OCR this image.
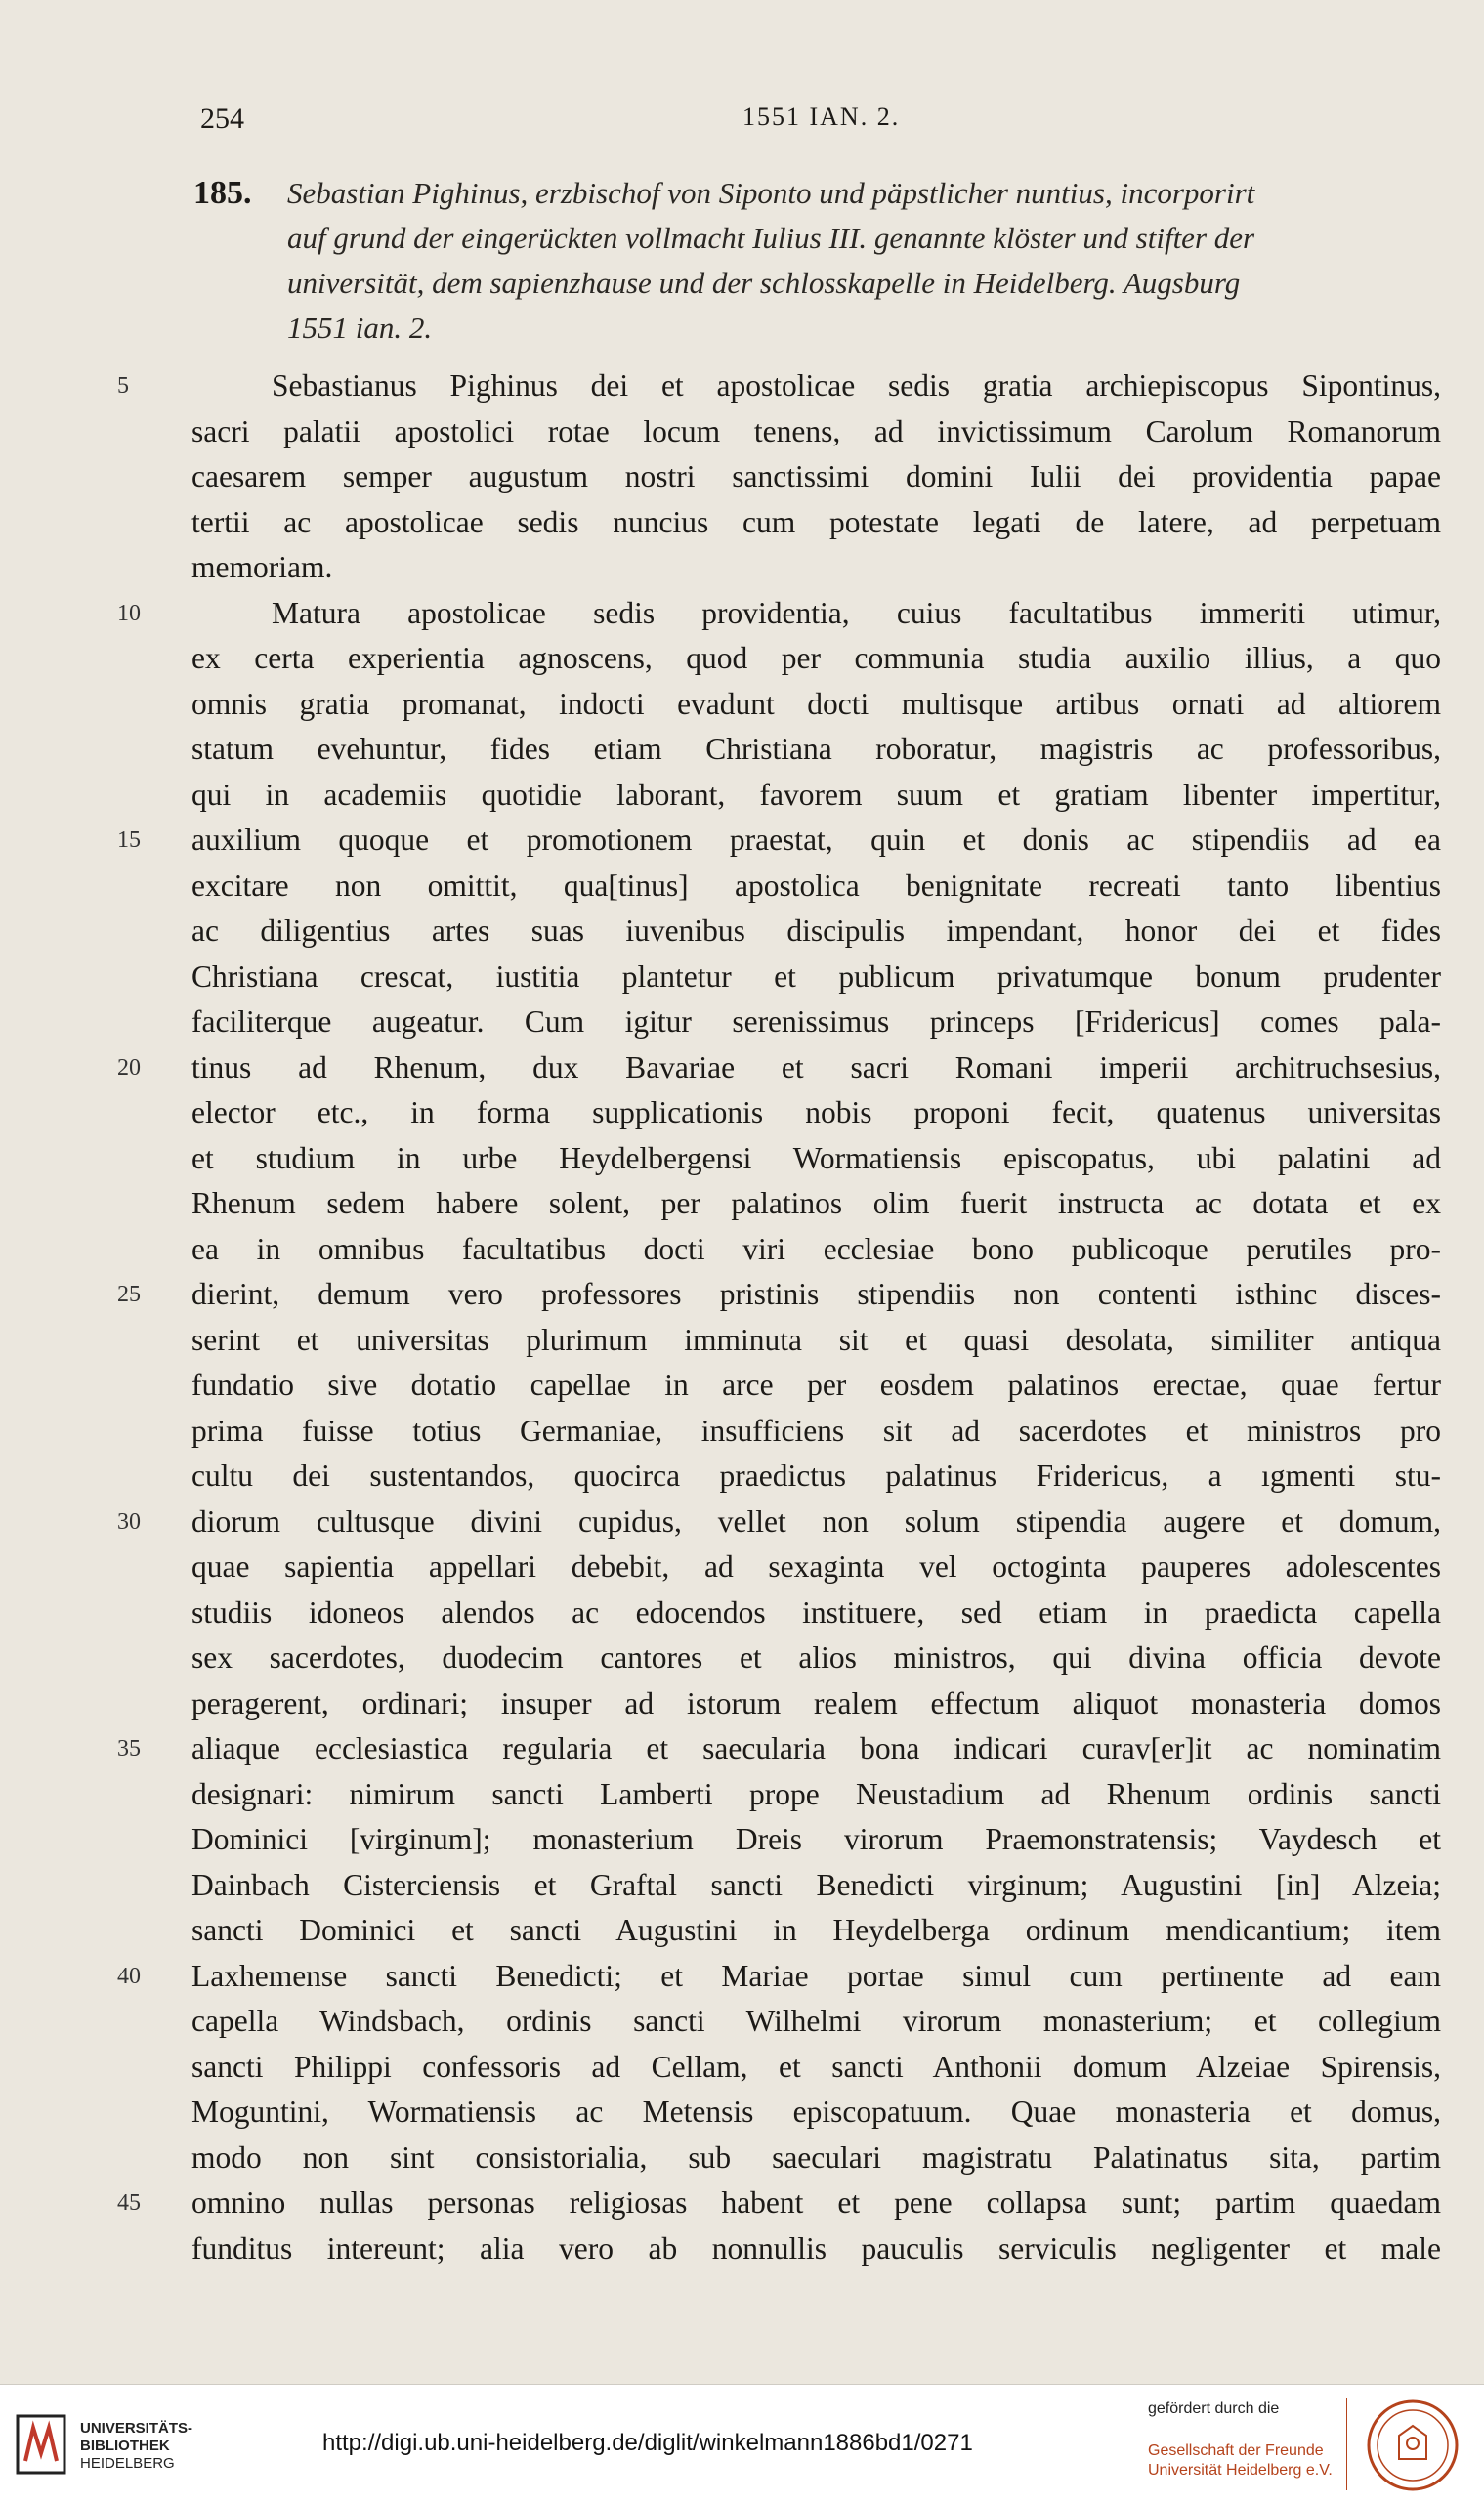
254	1551 IAN. 2.
185. Sebastian Pighinus, erzbischof von Siponto und päpstlicher nuntius, incorporirt
auf grund der eingerückten vollmacht Iulius III. genannte klöster und stifter der
universität, dem sapienzhause und der schlosskapelle in Heidelberg. Augsburg
1551 ian. 2.
5	Sebastianus Pighinus dei et apostolicae sedis gratia archiepiscopus Sipontinus,
sacri palatii apostolici rotae locum tenens, ad invictissimum Carolum Romanorum
caesarem semper augustum nostri sanctissimi domini Iulii dei providentia papae
tertii ac apostolicae sedis nuncius cum potestate legati de latere, ad perpetuam
memoriam.
10	Matura apostolicae sedis providentia, cuius facultatibus immeriti utimur,
ex certa experientia agnoscens, quod per communia studia auxilio illius, a quo
omnis gratia promanat, indocti evadunt docti multisque artibus ornati ad altiorem
statum evehuntur, fides etiam Christiana roboratur, magistris ac professoribus,
qui in academiis quotidie laborant, favorem suum et gratiam libenter impertitur,
15	auxilium quoque et promotionem praestat, quin et donis ac stipendiis ad ea
excitare non omittit, qua[tinus] apostolica benignitate recreati tanto libentius
ac diligentius artes suas iuvenibus discipulis impendant, honor dei et fides
Christiana crescat, iustitia plantetur et publicum privatumque bonum prudenter
faciliterque augeatur. Cum igitur serenissimus princeps [Fridericus] comes pala-
20	tinus ad Rhenum, dux Bavariae et sacri Romani imperii architruchsesius,
elector etc., in forma supplicationis nobis proponi fecit, quatenus universitas
et studium in urbe Heydelbergensi Wormatiensis episcopatus, ubi palatini ad
Rhenum sedem habere solent, per palatinos olim fuerit instructa ac dotata et ex
ea in omnibus facultatibus docti viri ecclesiae bono publicoque perutiles pro-
25	dierint, demum vero professores pristinis stipendiis non contenti isthinc disces-
serint et universitas plurimum imminuta sit et quasi desolata, similiter antiqua
fundatio sive dotatio capellae in arce per eosdem palatinos erectae, quae fertur
prima fuisse totius Germaniae, insufficiens sit ad sacerdotes et ministros pro
cultu dei sustentandos, quocirca praedictus palatinus Fridericus, a ıgmenti stu-
30	diorum cultusque divini cupidus, vellet non solum stipendia augere et domum,
quae sapientia appellari debebit, ad sexaginta vel octoginta pauperes adolescentes
studiis idoneos alendos ac edocendos instituere, sed etiam in praedicta capella
sex sacerdotes, duodecim cantores et alios ministros, qui divina officia devote
peragerent, ordinari; insuper ad istorum realem effectum aliquot monasteria domos
35	aliaque ecclesiastica regularia et saecularia bona indicari curav[er]it ac nominatim
designari: nimirum sancti Lamberti prope Neustadium ad Rhenum ordinis sancti
Dominici [virginum]; monasterium Dreis virorum Praemonstratensis; Vaydesch et
Dainbach Cisterciensis et Graftal sancti Benedicti virginum; Augustini [in] Alzeia;
sancti Dominici et sancti Augustini in Heydelberga ordinum mendicantium; item
40	Laxhemense sancti Benedicti; et Mariae portae simul cum pertinente ad eam
capella Windsbach, ordinis sancti Wilhelmi virorum monasterium; et collegium
sancti Philippi confessoris ad Cellam, et sancti Anthonii domum Alzeiae Spirensis,
Moguntini, Wormatiensis ac Metensis episcopatuum. Quae monasteria et domus,
modo non sint consistorialia, sub saeculari magistratu Palatinatus sita, partim
45	omnino nullas personas religiosas habent et pene collapsa sunt; partim quaedam
funditus intereunt; alia vero ab nonnullis pauculis serviculis negligenter et male
UNIVERSITÄTS-
BIBLIOTHEK
HEIDELBERG
http://digi.ub.uni-heidelberg.de/diglit/winkelmann1886bd1/0271
gefördert durch die
Gesellschaft der Freunde
Universität Heidelberg e.V.
